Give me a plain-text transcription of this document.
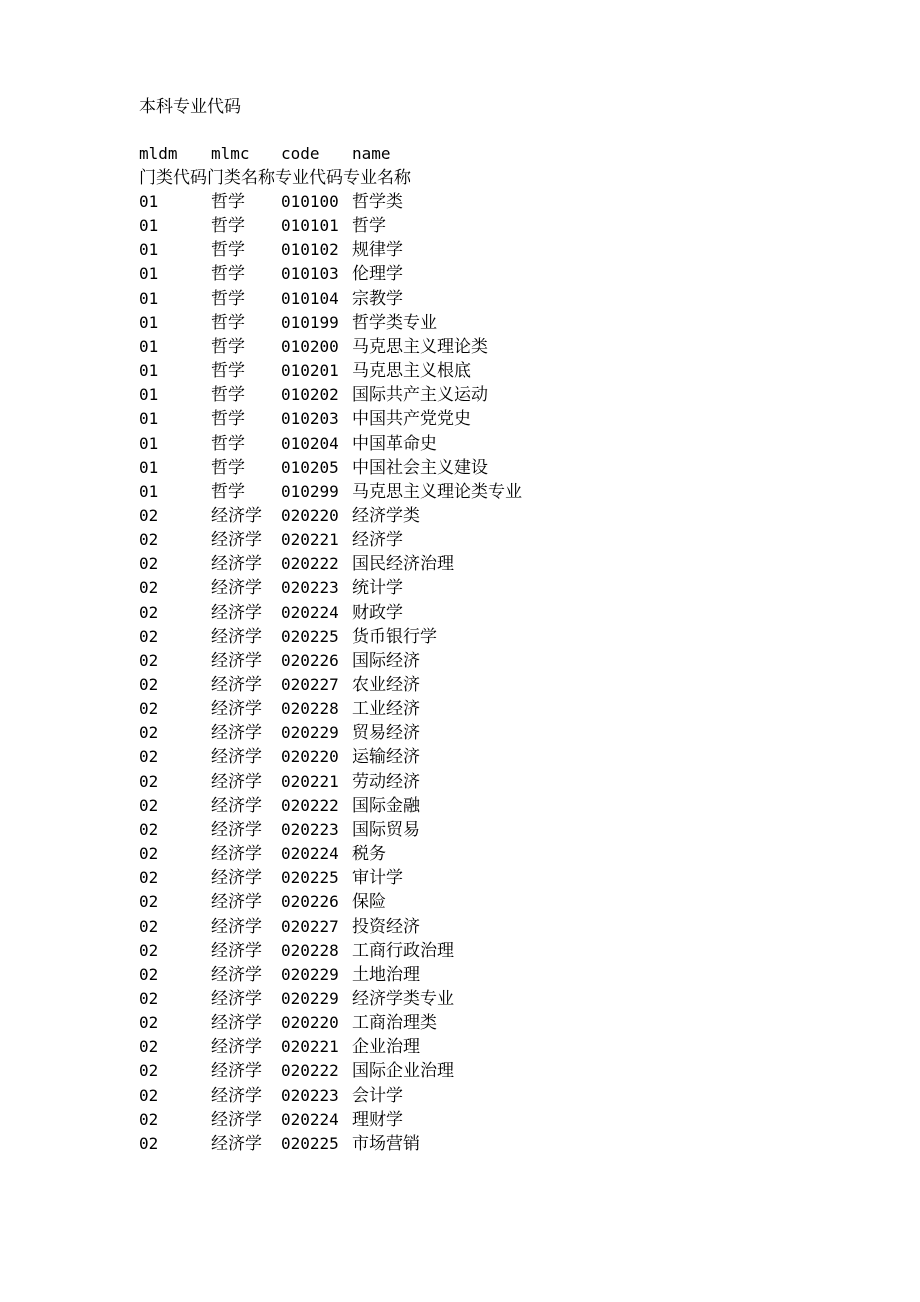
本科专业代码
mldm mlmc code name
门类代码门类名称专业代码专业名称
01	哲学 010100 哲学类
01	哲学 010101 哲学
01	哲学 010102 规律学
01	哲学 010103 伦理学
01	哲学 010104 宗教学
01	哲学 010199 哲学类专业
01	哲学 010200 马克思主义理论类
01	哲学 010201 马克思主义根底
01	哲学 010202 国际共产主义运动
01	哲学 010203 中国共产党党史
01	哲学 010204 中国革命史
01	哲学 010205 中国社会主义建设
01	哲学 010299 马克思主义理论类专业
02	经济学 020220 经济学类
02	经济学 020221 经济学
02	经济学 020222 国民经济治理
02	经济学 020223 统计学
02	经济学 020224 财政学
02	经济学 020225 货币银行学
02	经济学 020226 国际经济
02	经济学 020227 农业经济
02	经济学 020228 工业经济
02	经济学 020229 贸易经济
02	经济学 020220 运输经济
02	经济学 020221 劳动经济
02	经济学 020222 国际金融
02	经济学 020223 国际贸易
02	经济学 020224 税务
02	经济学 020225 审计学
02	经济学 020226 保险
02	经济学 020227 投资经济
02	经济学 020228 工商行政治理
02	经济学 020229 土地治理
02	经济学 020229 经济学类专业
02	经济学 020220 工商治理类
02	经济学 020221 企业治理
02	经济学 020222 国际企业治理
02	经济学 020223 会计学
02	经济学 020224 理财学
02	经济学 020225 市场营销
